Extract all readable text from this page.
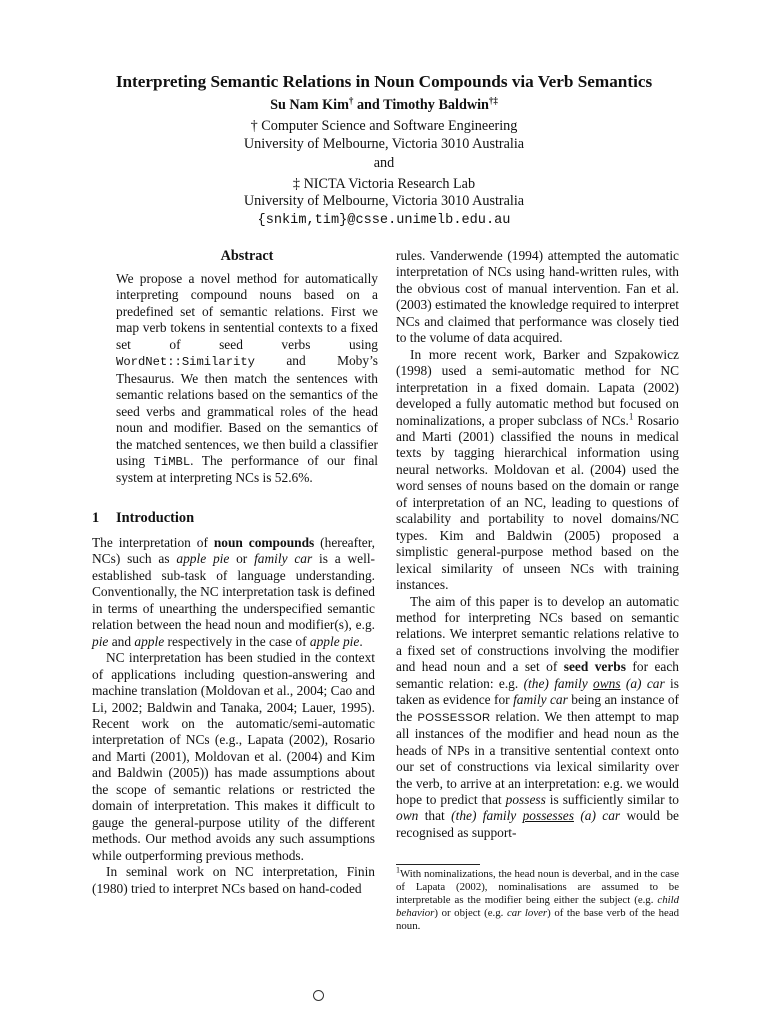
Interpreting Semantic Relations in Noun Compounds via Verb Semantics
Su Nam Kim† and Timothy Baldwin†‡
† Computer Science and Software Engineering
University of Melbourne, Victoria 3010 Australia
and
‡ NICTA Victoria Research Lab
University of Melbourne, Victoria 3010 Australia
{snkim,tim}@csse.unimelb.edu.au
Abstract

We propose a novel method for automatically interpreting compound nouns based on a predefined set of semantic relations. First we map verb tokens in sentential contexts to a fixed set of seed verbs using WordNet::Similarity and Moby’s Thesaurus. We then match the sentences with semantic relations based on the semantics of the seed verbs and grammatical roles of the head noun and modifier. Based on the semantics of the matched sentences, we then build a classifier using TiMBL. The performance of our final system at interpreting NCs is 52.6%.

1 Introduction

The interpretation of noun compounds (hereafter, NCs) such as apple pie or family car is a well-established sub-task of language understanding. Conventionally, the NC interpretation task is defined in terms of unearthing the underspecified semantic relation between the head noun and modifier(s), e.g. pie and apple respectively in the case of apple pie.

NC interpretation has been studied in the context of applications including question-answering and machine translation (Moldovan et al., 2004; Cao and Li, 2002; Baldwin and Tanaka, 2004; Lauer, 1995). Recent work on the automatic/semi-automatic interpretation of NCs (e.g., Lapata (2002), Rosario and Marti (2001), Moldovan et al. (2004) and Kim and Baldwin (2005)) has made assumptions about the scope of semantic relations or restricted the domain of interpretation. This makes it difficult to gauge the general-purpose utility of the different methods. Our method avoids any such assumptions while outperforming previous methods.

In seminal work on NC interpretation, Finin (1980) tried to interpret NCs based on hand-coded

rules. Vanderwende (1994) attempted the automatic interpretation of NCs using hand-written rules, with the obvious cost of manual intervention. Fan et al. (2003) estimated the knowledge required to interpret NCs and claimed that performance was closely tied to the volume of data acquired.

In more recent work, Barker and Szpakowicz (1998) used a semi-automatic method for NC interpretation in a fixed domain. Lapata (2002) developed a fully automatic method but focused on nominalizations, a proper subclass of NCs.$^1$ Rosario and Marti (2001) classified the nouns in medical texts by tagging hierarchical information using neural networks. Moldovan et al. (2004) used the word senses of nouns based on the domain or range of interpretation of an NC, leading to questions of scalability and portability to novel domains/NC types. Kim and Baldwin (2005) proposed a simplistic general-purpose method based on the lexical similarity of unseen NCs with training instances.

The aim of this paper is to develop an automatic method for interpreting NCs based on semantic relations. We interpret semantic relations relative to a fixed set of constructions involving the modifier and head noun and a set of seed verbs for each semantic relation: e.g. (the) family owns (a) car is taken as evidence for family car being an instance of the POSSESSOR relation. We then attempt to map all instances of the modifier and head noun as the heads of NPs in a transitive sentential context onto our set of constructions via lexical similarity over the verb, to arrive at an interpretation: e.g. we would hope to predict that possess is sufficiently similar to own that (the) family possesses (a) car would be recognised as support-

$^1$With nominalizations, the head noun is deverbal, and in the case of Lapata (2002), nominalisations are assumed to be interpretable as the modifier being either the subject (e.g. child behavior) or object (e.g. car lover) of the base verb of the head noun.
